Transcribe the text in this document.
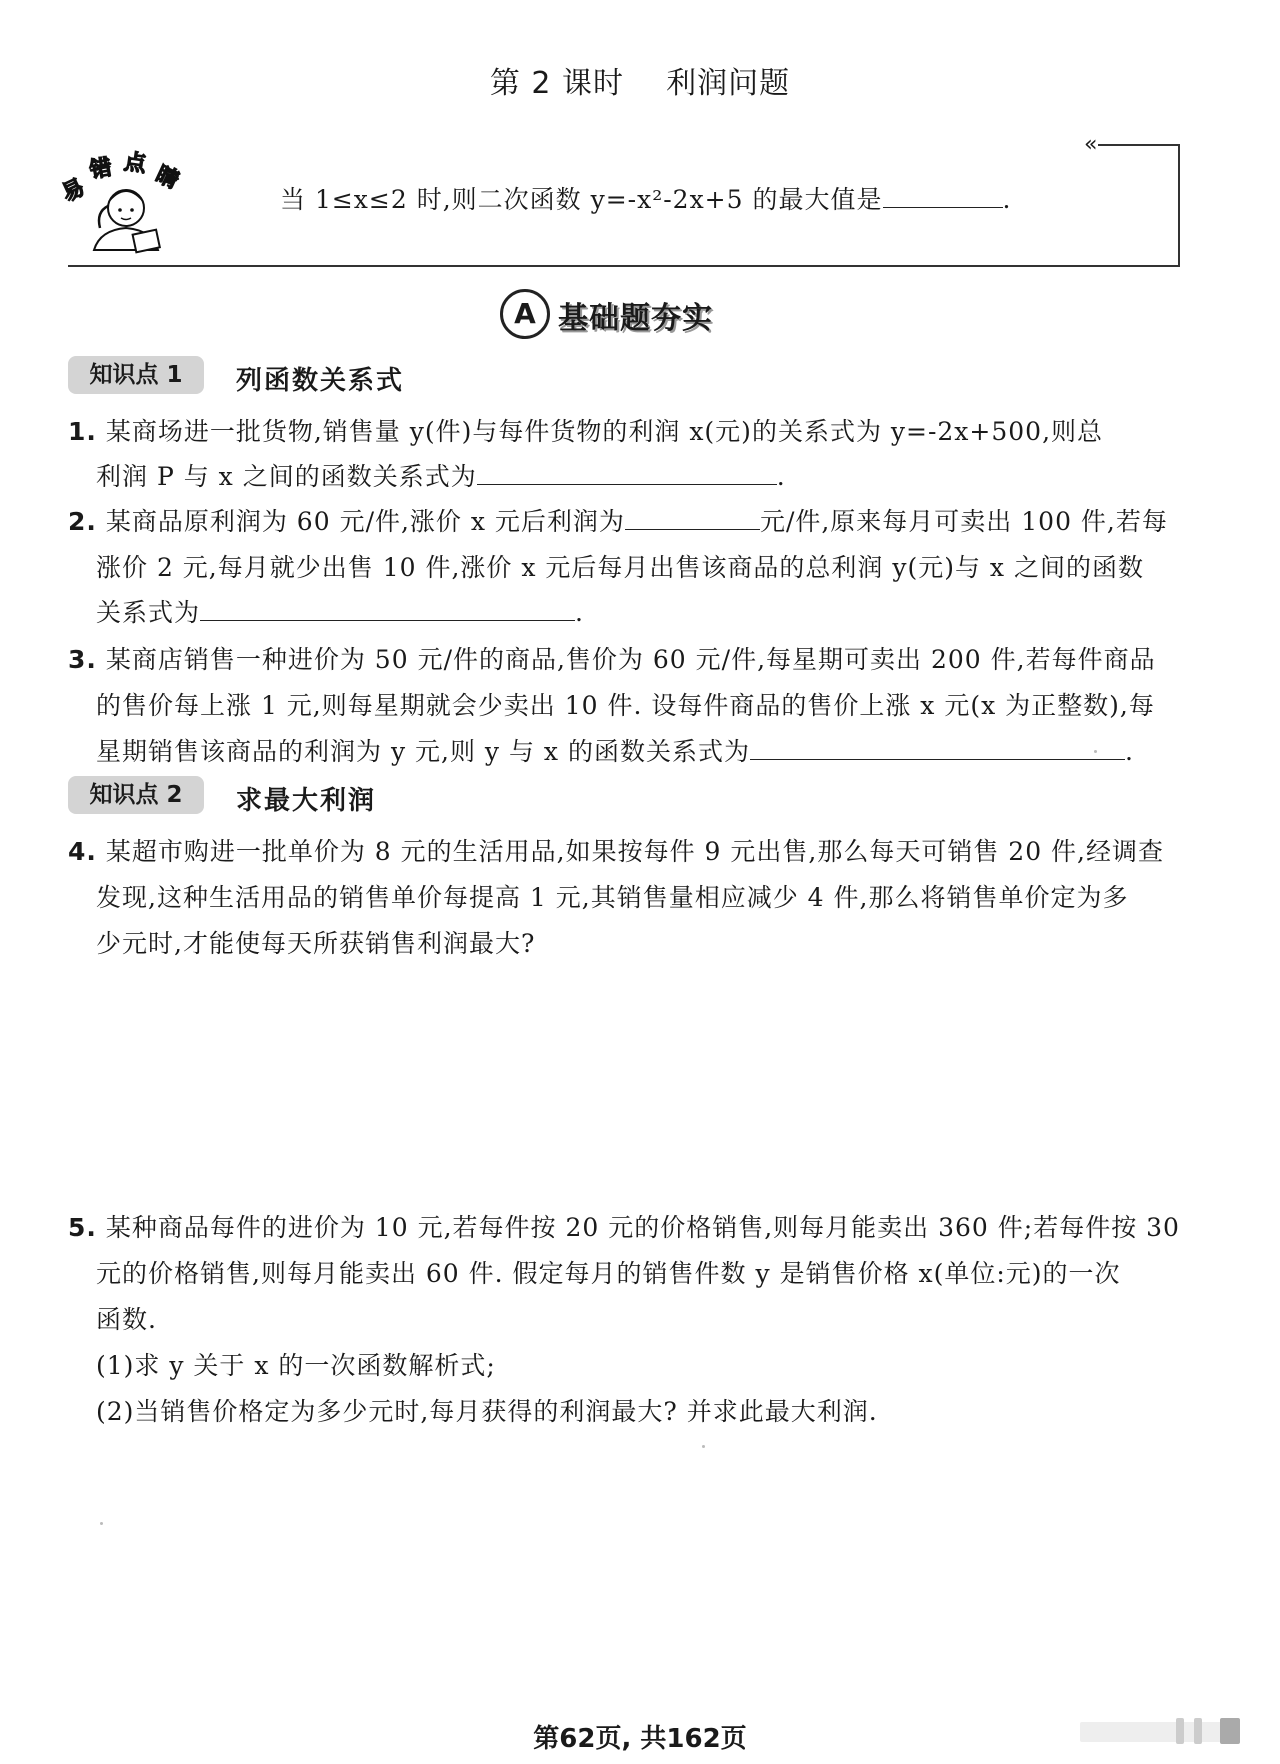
第 2 课时 利润问题
«
易
错 点 睛
当 1≤x≤2 时,则二次函数 y=-x²-2x+5 的最大值是	.
A 基础题夯实
知识点 1	列函数关系式
1. 某商场进一批货物,销售量 y(件)与每件货物的利润 x(元)的关系式为 y=-2x+500,则总
利润 P 与 x 之间的函数关系式为	.
2. 某商品原利润为 60 元/件,涨价 x 元后利润为	元/件,原来每月可卖出 100 件,若每
涨价 2 元,每月就少出售 10 件,涨价 x 元后每月出售该商品的总利润 y(元)与 x 之间的函数
关系式为	.
3. 某商店销售一种进价为 50 元/件的商品,售价为 60 元/件,每星期可卖出 200 件,若每件商品
的售价每上涨 1 元,则每星期就会少卖出 10 件. 设每件商品的售价上涨 x 元(x 为正整数),每
星期销售该商品的利润为 y 元,则 y 与 x 的函数关系式为	.
知识点 2	求最大利润
4. 某超市购进一批单价为 8 元的生活用品,如果按每件 9 元出售,那么每天可销售 20 件,经调查
发现,这种生活用品的销售单价每提高 1 元,其销售量相应减少 4 件,那么将销售单价定为多
少元时,才能使每天所获销售利润最大?
5. 某种商品每件的进价为 10 元,若每件按 20 元的价格销售,则每月能卖出 360 件;若每件按 30
元的价格销售,则每月能卖出 60 件. 假定每月的销售件数 y 是销售价格 x(单位:元)的一次
函数.
(1)求 y 关于 x 的一次函数解析式;
(2)当销售价格定为多少元时,每月获得的利润最大? 并求此最大利润.
第62页, 共162页
